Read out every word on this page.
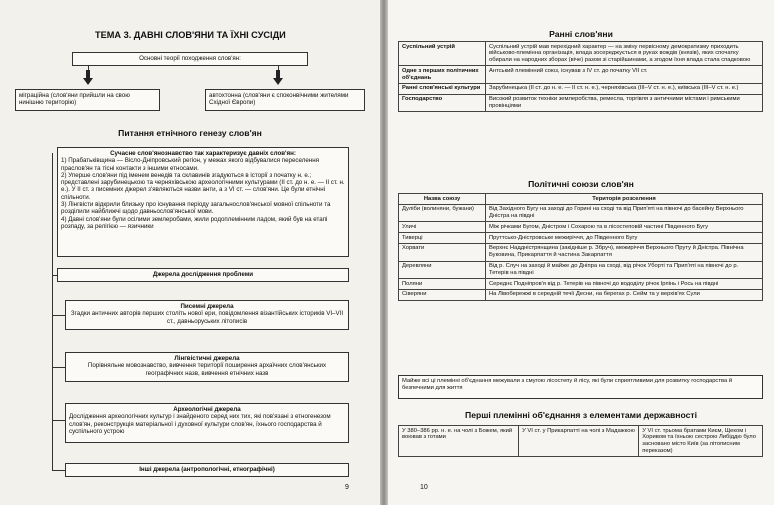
ТЕМА 3. ДАВНІ СЛОВ'ЯНИ ТА ЇХНІ СУСІДИ
Основні теорії походження слов'ян:
міграційна (слов'яни прийшли на свою нинішню територію)
автохтонна (слов'яни є споконвічними жителями Східної Європи)
Питання етнічного генезу слов'ян
Сучасне слов'янознавство так характеризує давніх слов'ян:
1) Прабатьківщина — Вісло-Дніпровський регіон, у межах якого відбувалися переселення праслов'ян та тісні контакти з іншими етносами.
2) Уперше слов'яни під іменем венедів та склавинів згадуються в історії з початку н. е.; представлені зарубинецькою та черняхівською археологічними культурами (II ст. до н. е. — II ст. н. е.). У II ст. з писемних джерел з'являються назви анти, а з VI ст. — слов'яни. Це були етнічні спільноти.
3) Лінгвісти відкрили близьку про існування періоду загальнослов'янської мовної спільноти та розділили найближчі щодо давньослов'янської мови.
4) Давні слов'яни були осілими землеробами, жили родоплемінним ладом, який був на етапі розпаду, за релігією — язичники
Джерела дослідження проблеми
Писемні джерела
Згадки античних авторів перших століть нової ери, повідомлення візантійських істориків VI–VII ст., давньоруських літописів
Лінгвістичні джерела
Порівняльне мовознавство, вивчення території поширення архаїчних слов'янських географічних назв, вивчення етнічних назв
Археологічні джерела
Дослідження археологічних культур і знайденого серед них тих, які пов'язані з етногенезом слов'ян, реконструкція матеріальної і духовної культури слов'ян, їхнього господарства й суспільного устрою
Інші джерела (антропологічні, етнографічні)
9
Ранні слов'яни
Суспільний устрій	Суспільний устрій мав перехідний характер — на зміну первісному демократизму приходить військово-племінна організація, влада зосереджується в руках вождів (князів), яких спочатку обирали на народних зборах (віче) разом зі старійшинами, а згодом їхня влада стала спадковою
Одне з перших політичних об'єднань	Антський племінний союз, існував з IV ст. до початку VII ст.
Ранні слов'янські культури	Зарубинецька (II ст. до н. е. — II ст. н. е.), черняхівська (III–V ст. н. е.), київська (III–V ст. н. е.)
Господарство	Високий розвиток техніки землеробства, ремесла, торгівля з античними містами і римськими провінціями
Політичні союзи слов'ян
Назва союзу	Територія розселення
Дуліби (волиняни, бужани)	Від Західного Бугу на заході до Горині на сході та від Прип'яті на півночі до басейну Верхнього Дністра на півдні
Уличі	Між річками Бугом, Дністром і Сохарою та в лісостеповій частині Південного Бугу
Тиверці	Пруттсько-Дністровське межиріччя, до Південного Бугу
Хорвати	Верхнє Наддністрянщина (закідніше р. Збруч), межиріччя Верхнього Пруту й Дністра. Північна Буковина, Прикарпаття й частина Закарпаття
Деревляни	Від р. Случ на заході й майже до Дніпра на сході, від річок Уборті та Прип'яті на півночі до р. Тетерів на півдні
Поляни	Середнє Подніпров'я від р. Тетерів на півночі до вододілу річок Ірпінь і Рось на півдні
Сіверяни	На Лівобережжі в середній течії Десни, на берегах р. Сейм та у верхів'ях Сули
Майже всі ці племінні об'єднання межували з смугою лісостепу й лісу, які були сприятливими для розвитку господарства й безпечними для життя
Перші племінні об'єднання з елементами державності
У 380–386 рр. н. е. на чолі з Божем, який воював з готами	У VI ст. у Прикарпатті на чолі з Мадажкою	У VI ст. трьома братами Києм, Щеком і Хоривом та їхньою сестрою Либіддю було засновано місто Київ (за літописним переказом)
10
